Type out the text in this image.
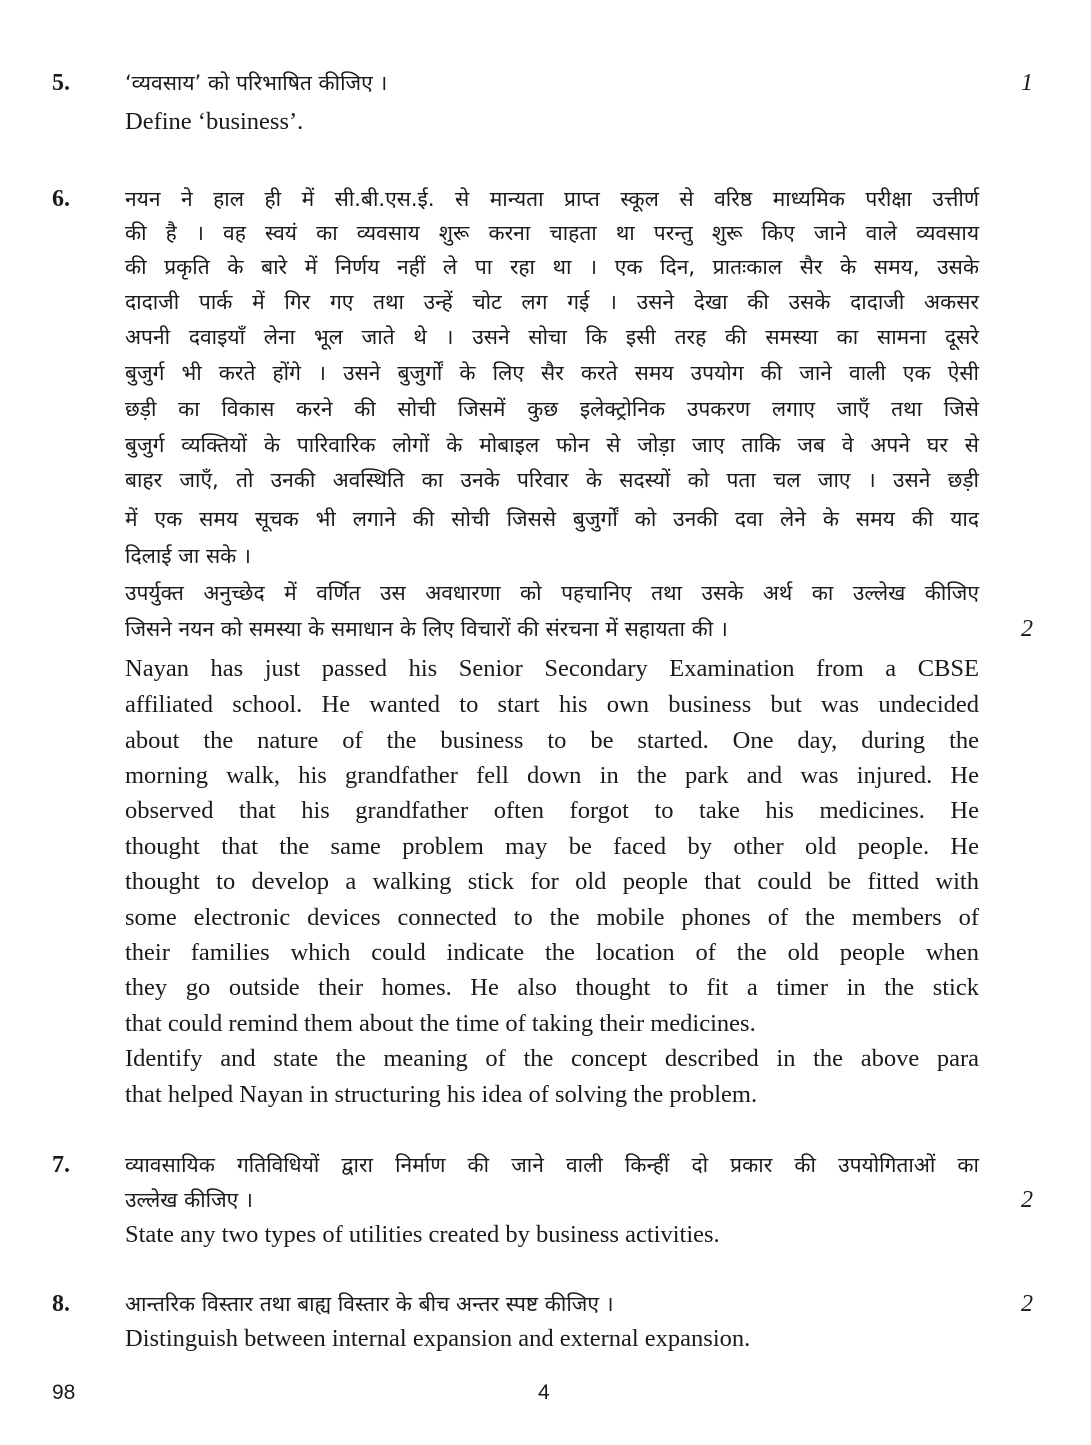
5.	1
‘व्यवसाय’ को परिभाषित कीजिए ।
Define ‘business’.
6.	नयन ने हाल ही में सी.बी.एस.ई. से मान्यता प्राप्त स्कूल से वरिष्ठ माध्यमिक परीक्षा उत्तीर्ण
की है । वह स्वयं का व्यवसाय शुरू करना चाहता था परन्तु शुरू किए जाने वाले व्यवसाय
की प्रकृति के बारे में निर्णय नहीं ले पा रहा था । एक दिन, प्रातःकाल सैर के समय, उसके
दादाजी पार्क में गिर गए तथा उन्हें चोट लग गई । उसने देखा की उसके दादाजी अकसर
अपनी दवाइयाँ लेना भूल जाते थे । उसने सोचा कि इसी तरह की समस्या का सामना दूसरे
बुजुर्ग भी करते होंगे । उसने बुजुर्गों के लिए सैर करते समय उपयोग की जाने वाली एक ऐसी
छड़ी का विकास करने की सोची जिसमें कुछ इलेक्ट्रोनिक उपकरण लगाए जाएँ तथा जिसे
बुजुर्ग व्यक्तियों के पारिवारिक लोगों के मोबाइल फोन से जोड़ा जाए ताकि जब वे अपने घर से
बाहर जाएँ, तो उनकी अवस्थिति का उनके परिवार के सदस्यों को पता चल जाए । उसने छड़ी
में एक समय सूचक भी लगाने की सोची जिससे बुजुर्गों को उनकी दवा लेने के समय की याद
दिलाई जा सके ।
उपर्युक्त अनुच्छेद में वर्णित उस अवधारणा को पहचानिए तथा उसके अर्थ का उल्लेख कीजिए
जिसने नयन को समस्या के समाधान के लिए विचारों की संरचना में सहायता की ।	2
Nayan has just passed his Senior Secondary Examination from a CBSE
affiliated school. He wanted to start his own business but was undecided
about the nature of the business to be started. One day, during the
morning walk, his grandfather fell down in the park and was injured. He
observed that his grandfather often forgot to take his medicines. He
thought that the same problem may be faced by other old people. He
thought to develop a walking stick for old people that could be fitted with
some electronic devices connected to the mobile phones of the members of
their families which could indicate the location of the old people when
they go outside their homes. He also thought to fit a timer in the stick
that could remind them about the time of taking their medicines.
Identify and state the meaning of the concept described in the above para
that helped Nayan in structuring his idea of solving the problem.
7.	व्यावसायिक गतिविधियों द्वारा निर्माण की जाने वाली किन्हीं दो प्रकार की उपयोगिताओं का
उल्लेख कीजिए ।	2
State any two types of utilities created by business activities.
8.	आन्तरिक विस्तार तथा बाह्य विस्तार के बीच अन्तर स्पष्ट कीजिए ।	2
Distinguish between internal expansion and external expansion.
98	4
